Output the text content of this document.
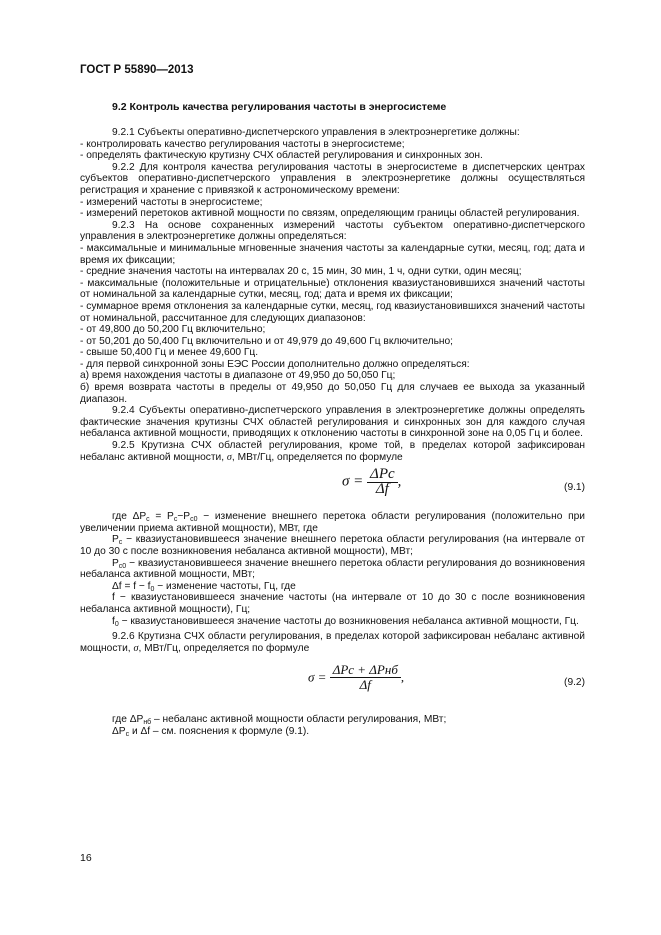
ГОСТ Р 55890—2013
9.2 Контроль качества регулирования частоты в энергосистеме

9.2.1 Субъекты оперативно-диспетчерского управления в электроэнергетике должны:

- контролировать качество регулирования частоты в энергосистеме;

- определять фактическую крутизну СЧХ областей регулирования и синхронных зон.

9.2.2 Для контроля качества регулирования частоты в энергосистеме в диспетчерских центрах субъектов оперативно-диспетчерского управления в электроэнергетике должны осуществляться регистрация и хранение с привязкой к астрономическому времени:

- измерений частоты в энергосистеме;

- измерений перетоков активной мощности по связям, определяющим границы областей регулирования.

9.2.3 На основе сохраненных измерений частоты субъектом оперативно-диспетчерского управления в электроэнергетике должны определяться:

- максимальные и минимальные мгновенные значения частоты за календарные сутки, месяц, год; дата и время их фиксации;

- средние значения частоты на интервалах 20 с, 15 мин, 30 мин, 1 ч, одни сутки, один месяц;

- максимальные (положительные и отрицательные) отклонения квазиустановившихся значений частоты от номинальной за календарные сутки, месяц, год; дата и время их фиксации;

- суммарное время отклонения за календарные сутки, месяц, год квазиустановившихся значений частоты от номинальной, рассчитанное для следующих диапазонов:

- от 49,800 до 50,200 Гц включительно;

- от 50,201 до 50,400 Гц включительно и от 49,979 до 49,600 Гц включительно;

- свыше 50,400 Гц и менее 49,600 Гц.

- для первой синхронной зоны ЕЭС России дополнительно должно определяться:

а) время нахождения частоты в диапазоне от 49,950 до 50,050 Гц;

б) время возврата частоты в пределы от 49,950 до 50,050 Гц для случаев ее выхода за указанный диапазон.

9.2.4 Субъекты оперативно-диспетчерского управления в электроэнергетике должны определять фактические значения крутизны СЧХ областей регулирования и синхронных зон для каждого случая небаланса активной мощности, приводящих к отклонению частоты в синхронной зоне на 0,05 Гц и более.

9.2.5 Крутизна СЧХ областей регулирования, кроме той, в пределах которой зафиксирован небаланс активной мощности, σ, МВт/Гц, определяется по формуле

$\sigma = \frac{\text{ΔPс}}{\Delta f}$ ,	(9.1)

где $\Delta P_с = P_с-P_{с0}$ − изменение внешнего перетока области регулирования (положительно при увеличении приема активной мощности), МВт, где

$P_с$ − квазиустановившееся значение внешнего перетока области регулирования (на интервале от 10 до 30 с после возникновения небаланса активной мощности), МВт;

$P_{с0}$ − квазиустановившееся значение внешнего перетока области регулирования до возникновения небаланса активной мощности, МВт;

$\Delta f = f - f_0$ − изменение частоты, Гц, где

f − квазиустановившееся значение частоты (на интервале от 10 до 30 с после возникновения небаланса активной мощности), Гц;

$f_0$ − квазиустановившееся значение частоты до возникновения небаланса активной мощности, Гц.

9.2.6 Крутизна СЧХ области регулирования, в пределах которой зафиксирован небаланс активной мощности, σ, МВт/Гц, определяется по формуле

$\sigma = \frac{\text{ΔPс + ΔPнб}}{\Delta f}$ ,	(9.2)

где $\Delta P_{нб}$ – небаланс активной мощности области регулирования, МВт;

$\Delta P_с$ и Δf – см. пояснения к формуле (9.1).

16
